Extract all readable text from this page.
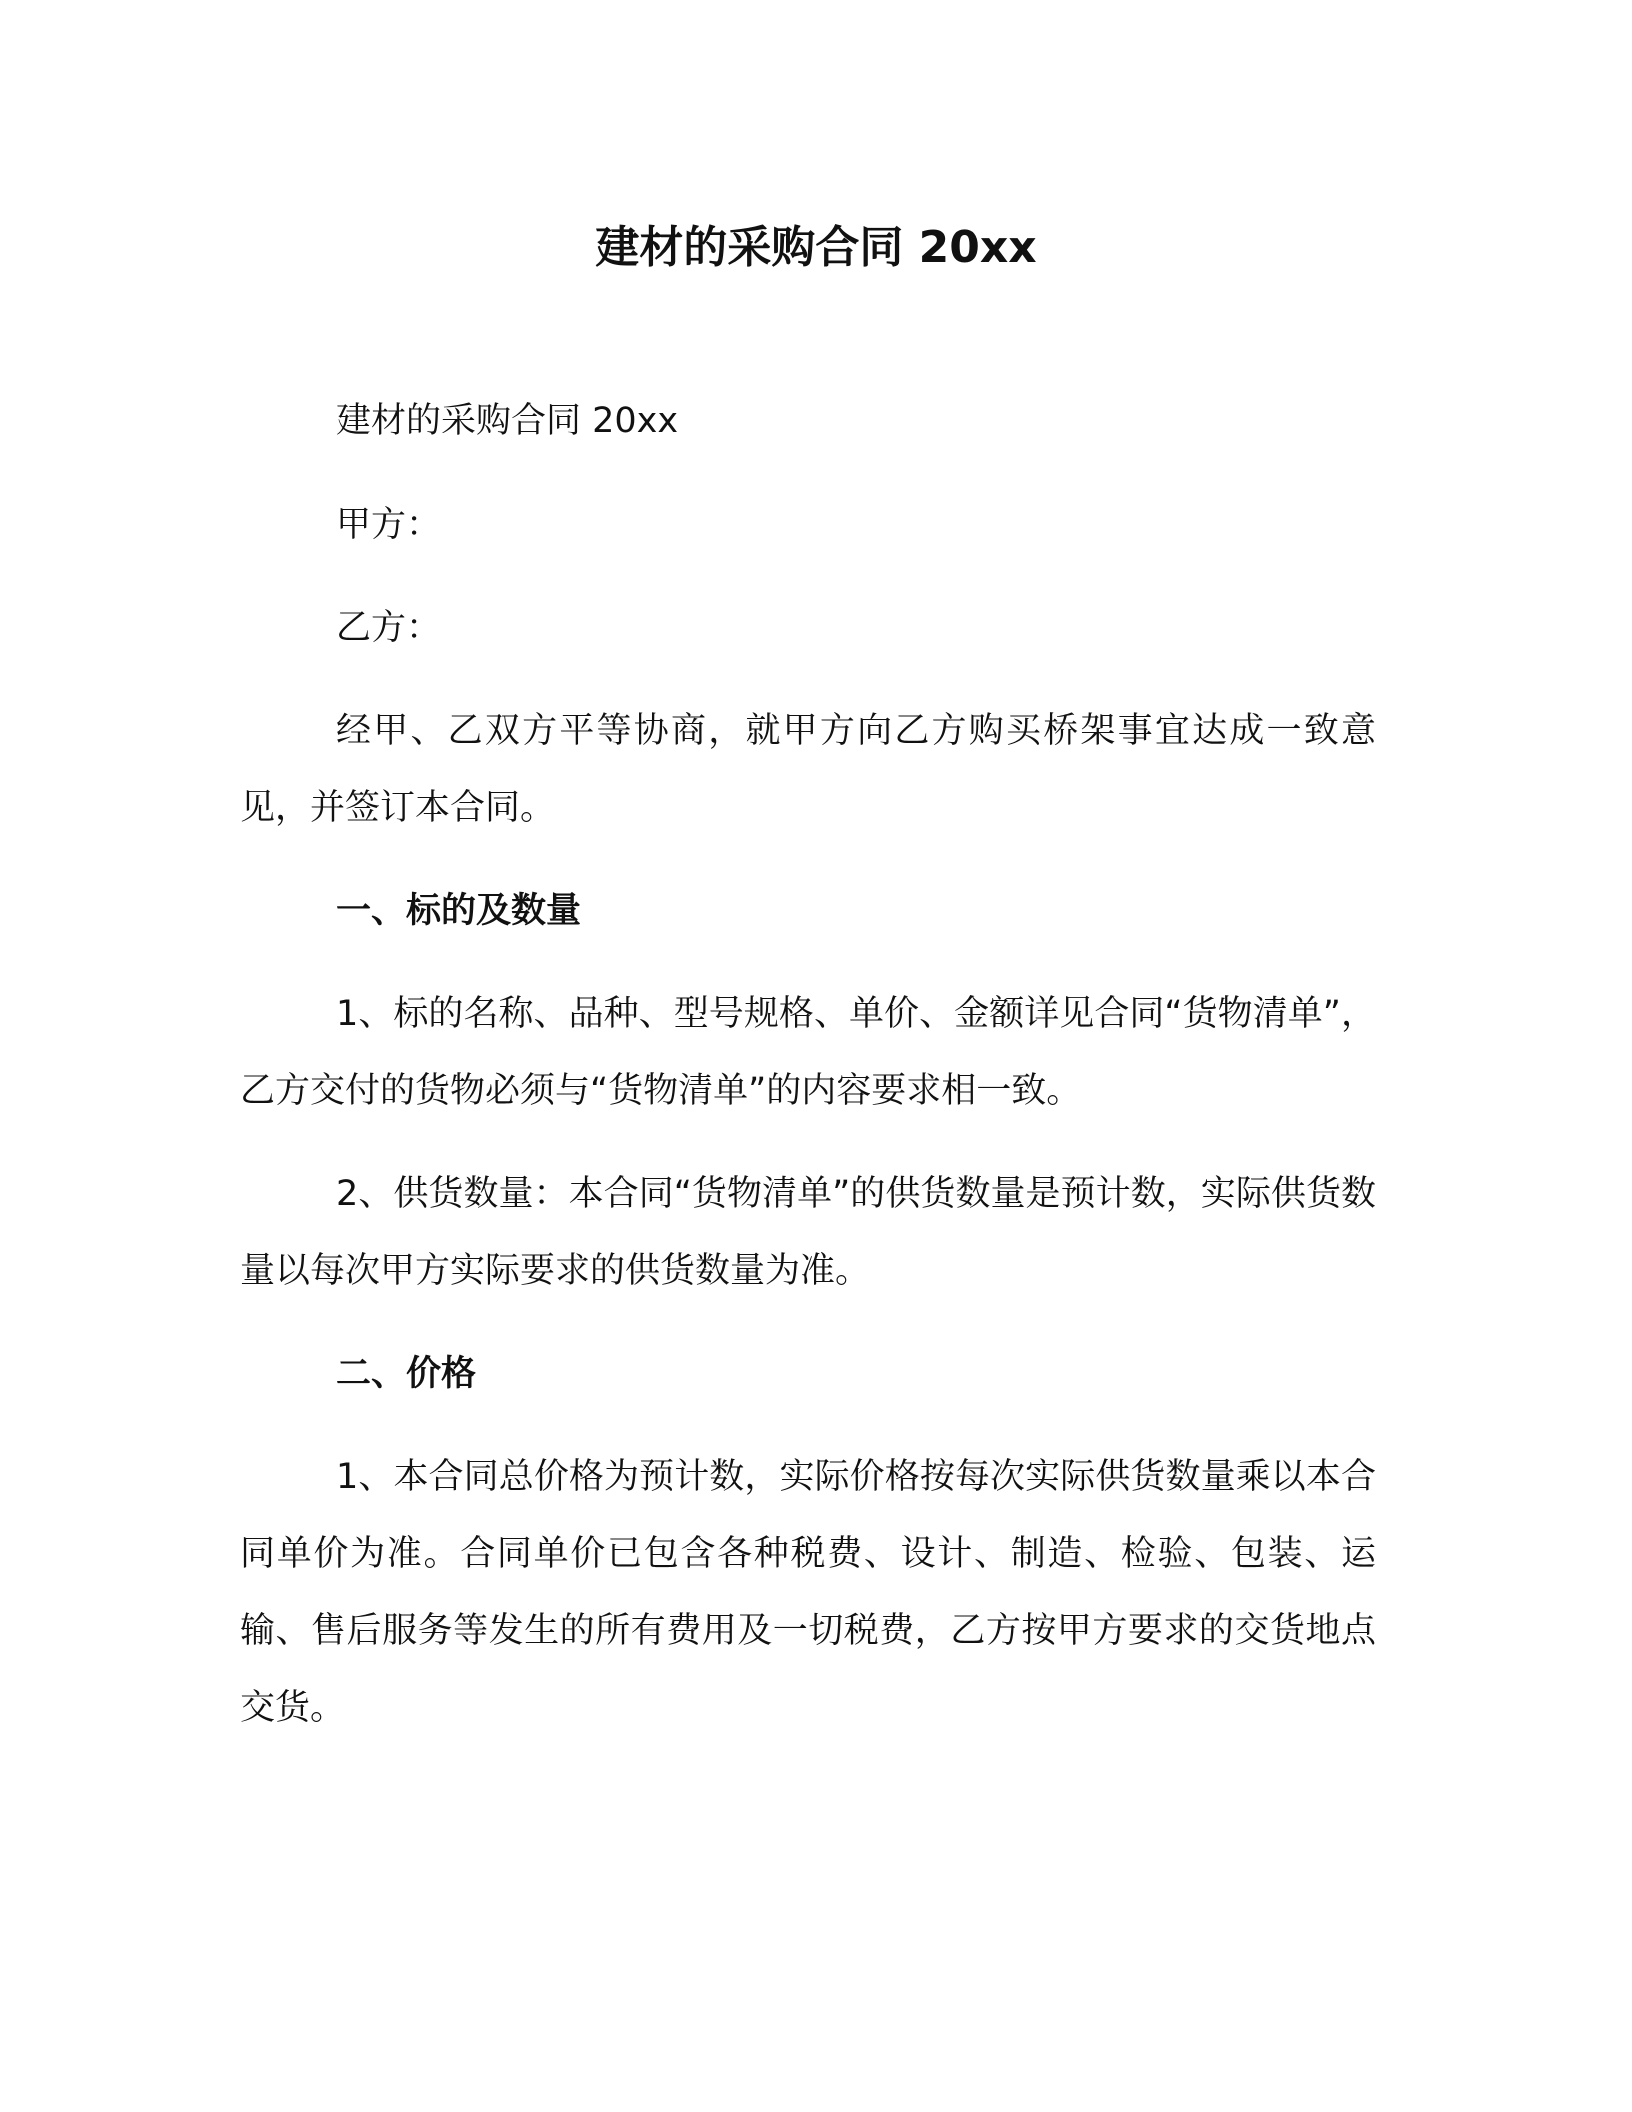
建材的采购合同 20xx

建材的采购合同 20xx

甲方：

乙方：

经甲、乙双方平等协商，就甲方向乙方购买桥架事宜达成一致意见，并签订本合同。

一、标的及数量

1、标的名称、品种、型号规格、单价、金额详见合同“货物清单”，乙方交付的货物必须与“货物清单”的内容要求相一致。

2、供货数量：本合同“货物清单”的供货数量是预计数，实际供货数量以每次甲方实际要求的供货数量为准。

二、价格

1、本合同总价格为预计数，实际价格按每次实际供货数量乘以本合同单价为准。合同单价已包含各种税费、设计、制造、检验、包装、运输、售后服务等发生的所有费用及一切税费，乙方按甲方要求的交货地点交货。
